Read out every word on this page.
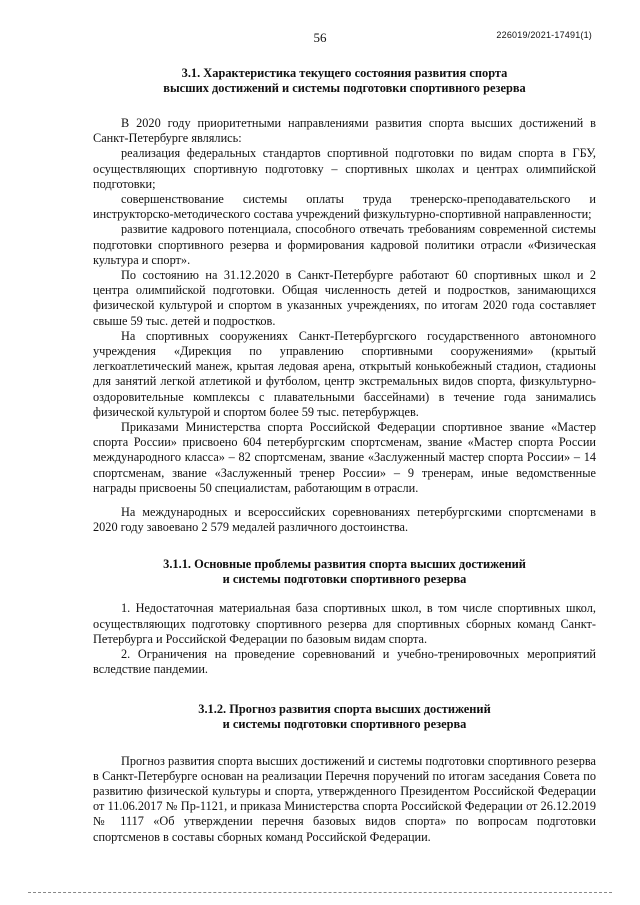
56	226019/2021-17491(1)
3.1. Характеристика текущего состояния развития спорта
высших достижений и системы подготовки спортивного резерва

В 2020 году приоритетными направлениями развития спорта высших достижений в Санкт-Петербурге являлись:

реализация федеральных стандартов спортивной подготовки по видам спорта в ГБУ, осуществляющих спортивную подготовку – спортивных школах и центрах олимпийской подготовки;

совершенствование системы оплаты труда тренерско-преподавательского и инструкторско-методического состава учреждений физкультурно-спортивной направленности;

развитие кадрового потенциала, способного отвечать требованиям современной системы подготовки спортивного резерва и формирования кадровой политики отрасли «Физическая культура и спорт».

По состоянию на 31.12.2020 в Санкт-Петербурге работают 60 спортивных школ и 2 центра олимпийской подготовки. Общая численность детей и подростков, занимающихся физической культурой и спортом в указанных учреждениях, по итогам 2020 года составляет свыше 59 тыс. детей и подростков.

На спортивных сооружениях Санкт-Петербургского государственного автономного учреждения «Дирекция по управлению спортивными сооружениями» (крытый легкоатлетический манеж, крытая ледовая арена, открытый конькобежный стадион, стадионы для занятий легкой атлетикой и футболом, центр экстремальных видов спорта, физкультурно-оздоровительные комплексы с плавательными бассейнами) в течение года занимались физической культурой и спортом более 59 тыс. петербуржцев.

Приказами Министерства спорта Российской Федерации спортивное звание «Мастер спорта России» присвоено 604 петербургским спортсменам, звание «Мастер спорта России международного класса» – 82 спортсменам, звание «Заслуженный мастер спорта России» – 14 спортсменам, звание «Заслуженный тренер России» – 9 тренерам, иные ведомственные награды присвоены 50 специалистам, работающим в отрасли.

На международных и всероссийских соревнованиях петербургскими спортсменами в 2020 году завоевано 2 579 медалей различного достоинства.

3.1.1. Основные проблемы развития спорта высших достижений
и системы подготовки спортивного резерва

1. Недостаточная материальная база спортивных школ, в том числе спортивных школ, осуществляющих подготовку спортивного резерва для спортивных сборных команд Санкт-Петербурга и Российской Федерации по базовым видам спорта.

2. Ограничения на проведение соревнований и учебно-тренировочных мероприятий вследствие пандемии.

3.1.2. Прогноз развития спорта высших достижений
и системы подготовки спортивного резерва

Прогноз развития спорта высших достижений и системы подготовки спортивного резерва в Санкт-Петербурге основан на реализации Перечня поручений по итогам заседания Совета по развитию физической культуры и спорта, утвержденного Президентом Российской Федерации от 11.06.2017 № Пр-1121, и приказа Министерства спорта Российской Федерации от 26.12.2019 № 1117 «Об утверждении перечня базовых видов спорта» по вопросам подготовки спортсменов в составы сборных команд Российской Федерации.
